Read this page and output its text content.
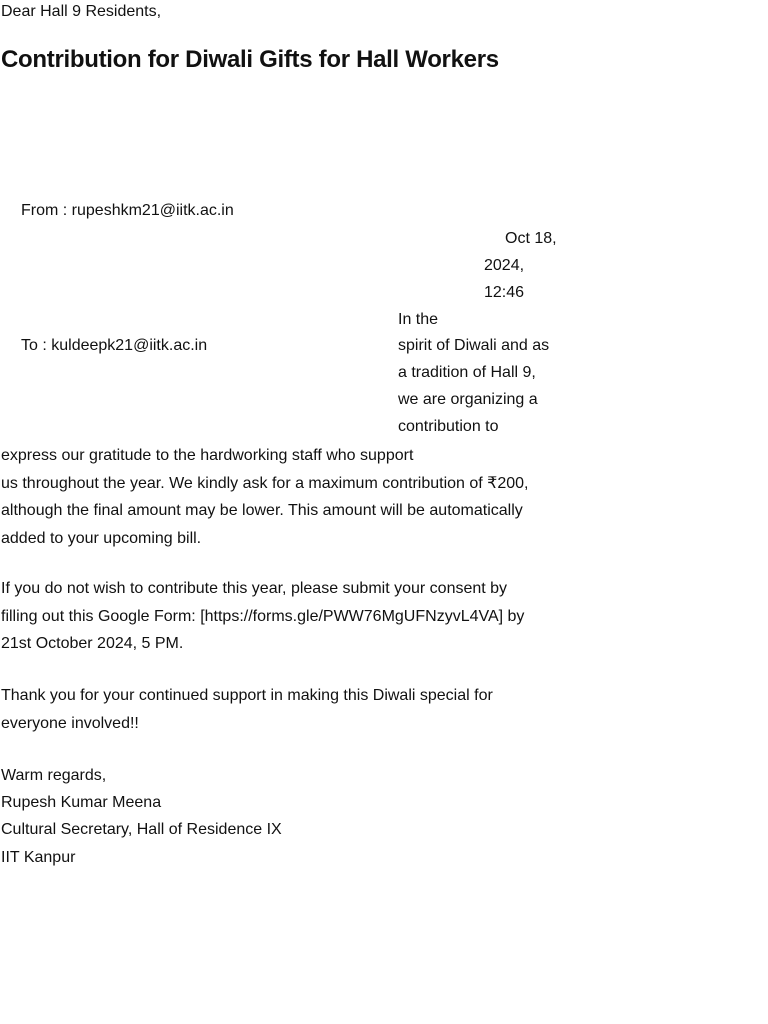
Dear Hall 9 Residents,
Contribution for Diwali Gifts for Hall Workers
From : rupeshkm21@iitk.ac.in
Oct 18,
2024,
12:46
In the
spirit of Diwali and as
a tradition of Hall 9,
we are organizing a
contribution to
To : kuldeepk21@iitk.ac.in
express our gratitude to the hardworking staff who support
us throughout the year. We kindly ask for a maximum contribution of ₹200,
although the final amount may be lower. This amount will be automatically
added to your upcoming bill.
If you do not wish to contribute this year, please submit your consent by
filling out this Google Form: [https://forms.gle/PWW76MgUFNzyvL4VA] by
21st October 2024, 5 PM.
Thank you for your continued support in making this Diwali special for
everyone involved!!
Warm regards,
Rupesh Kumar Meena
Cultural Secretary, Hall of Residence IX
IIT Kanpur
